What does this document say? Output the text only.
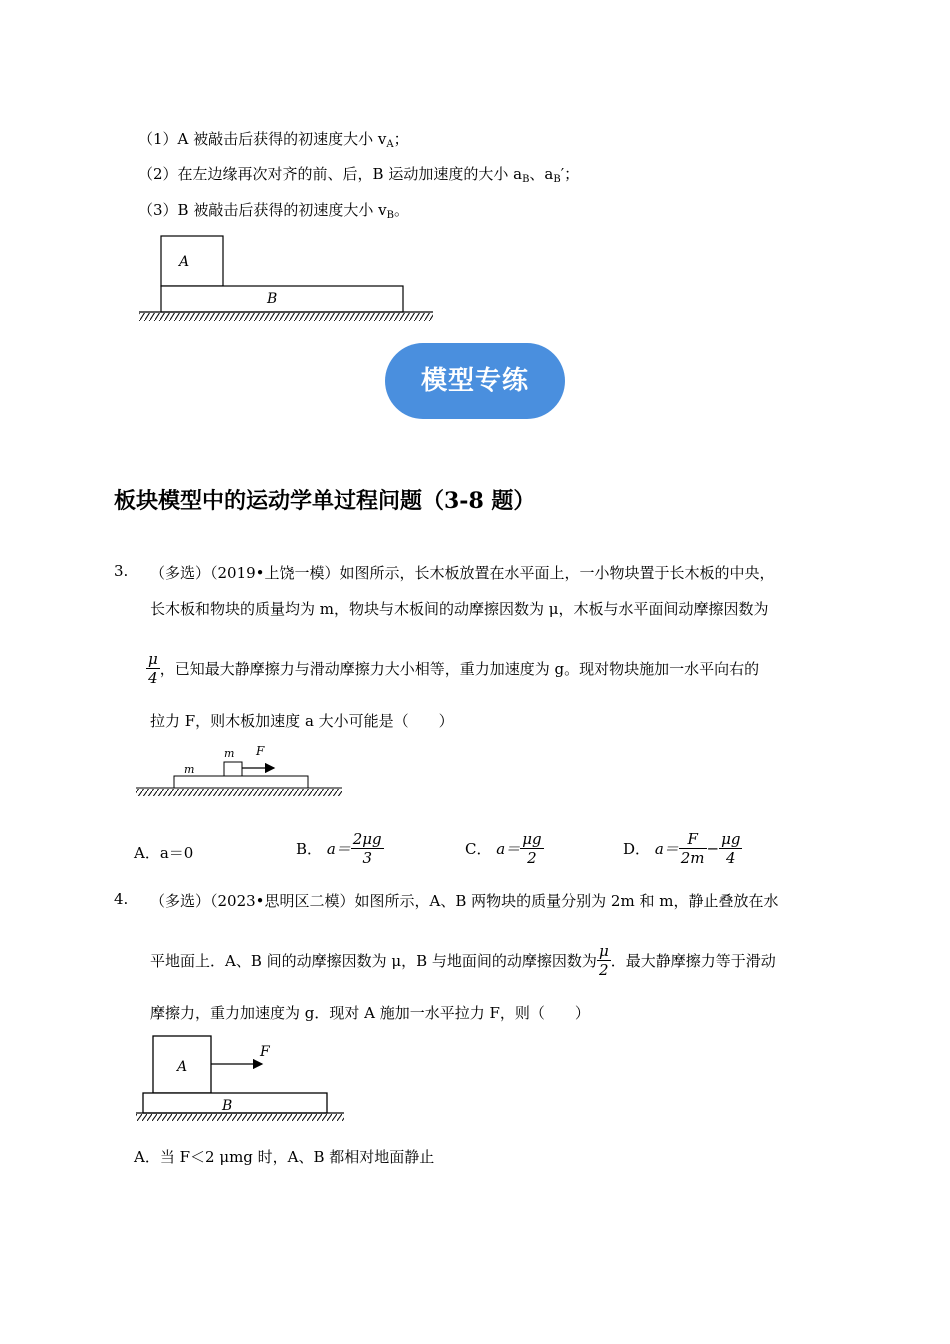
（1）A 被敲击后获得的初速度大小 $v_A$；
（2）在左边缘再次对齐的前、后，B 运动加速度的大小 $a_B$、$a_B'$；
（3）B 被敲击后获得的初速度大小 $v_B$。
A
B
模型专练
板块模型中的运动学单过程问题（3-8 题）
3. （多选）（2019•上饶一模）如图所示，长木板放置在水平面上，一小物块置于长木板的中央，
长木板和物块的质量均为 m，物块与木板间的动摩擦因数为 μ，木板与水平面间动摩擦因数为
$\frac{\mu}{4}$ ，已知最大静摩擦力与滑动摩擦力大小相等，重力加速度为 g。现对物块施加一水平向右的
拉力 F，则木板加速度 a 大小可能是（　　）
m F
m
A．a＝0	B． $a= \frac{2\mu g}{3}$	C． $a= \frac{\mu g}{2}$	D． $a= \frac{F}{2m} - \frac{\mu g}{4}$
4. （多选）（2023•思明区二模）如图所示，A、B 两物块的质量分别为 2m 和 m，静止叠放在水
平地面上．A、B 间的动摩擦因数为 μ，B 与地面间的动摩擦因数为 $\frac{\mu}{2}$ ．最大静摩擦力等于滑动
摩擦力，重力加速度为 g．现对 A 施加一水平拉力 F，则（　　）
A
F
B
A．当 F＜2 μmg 时，A、B 都相对地面静止
